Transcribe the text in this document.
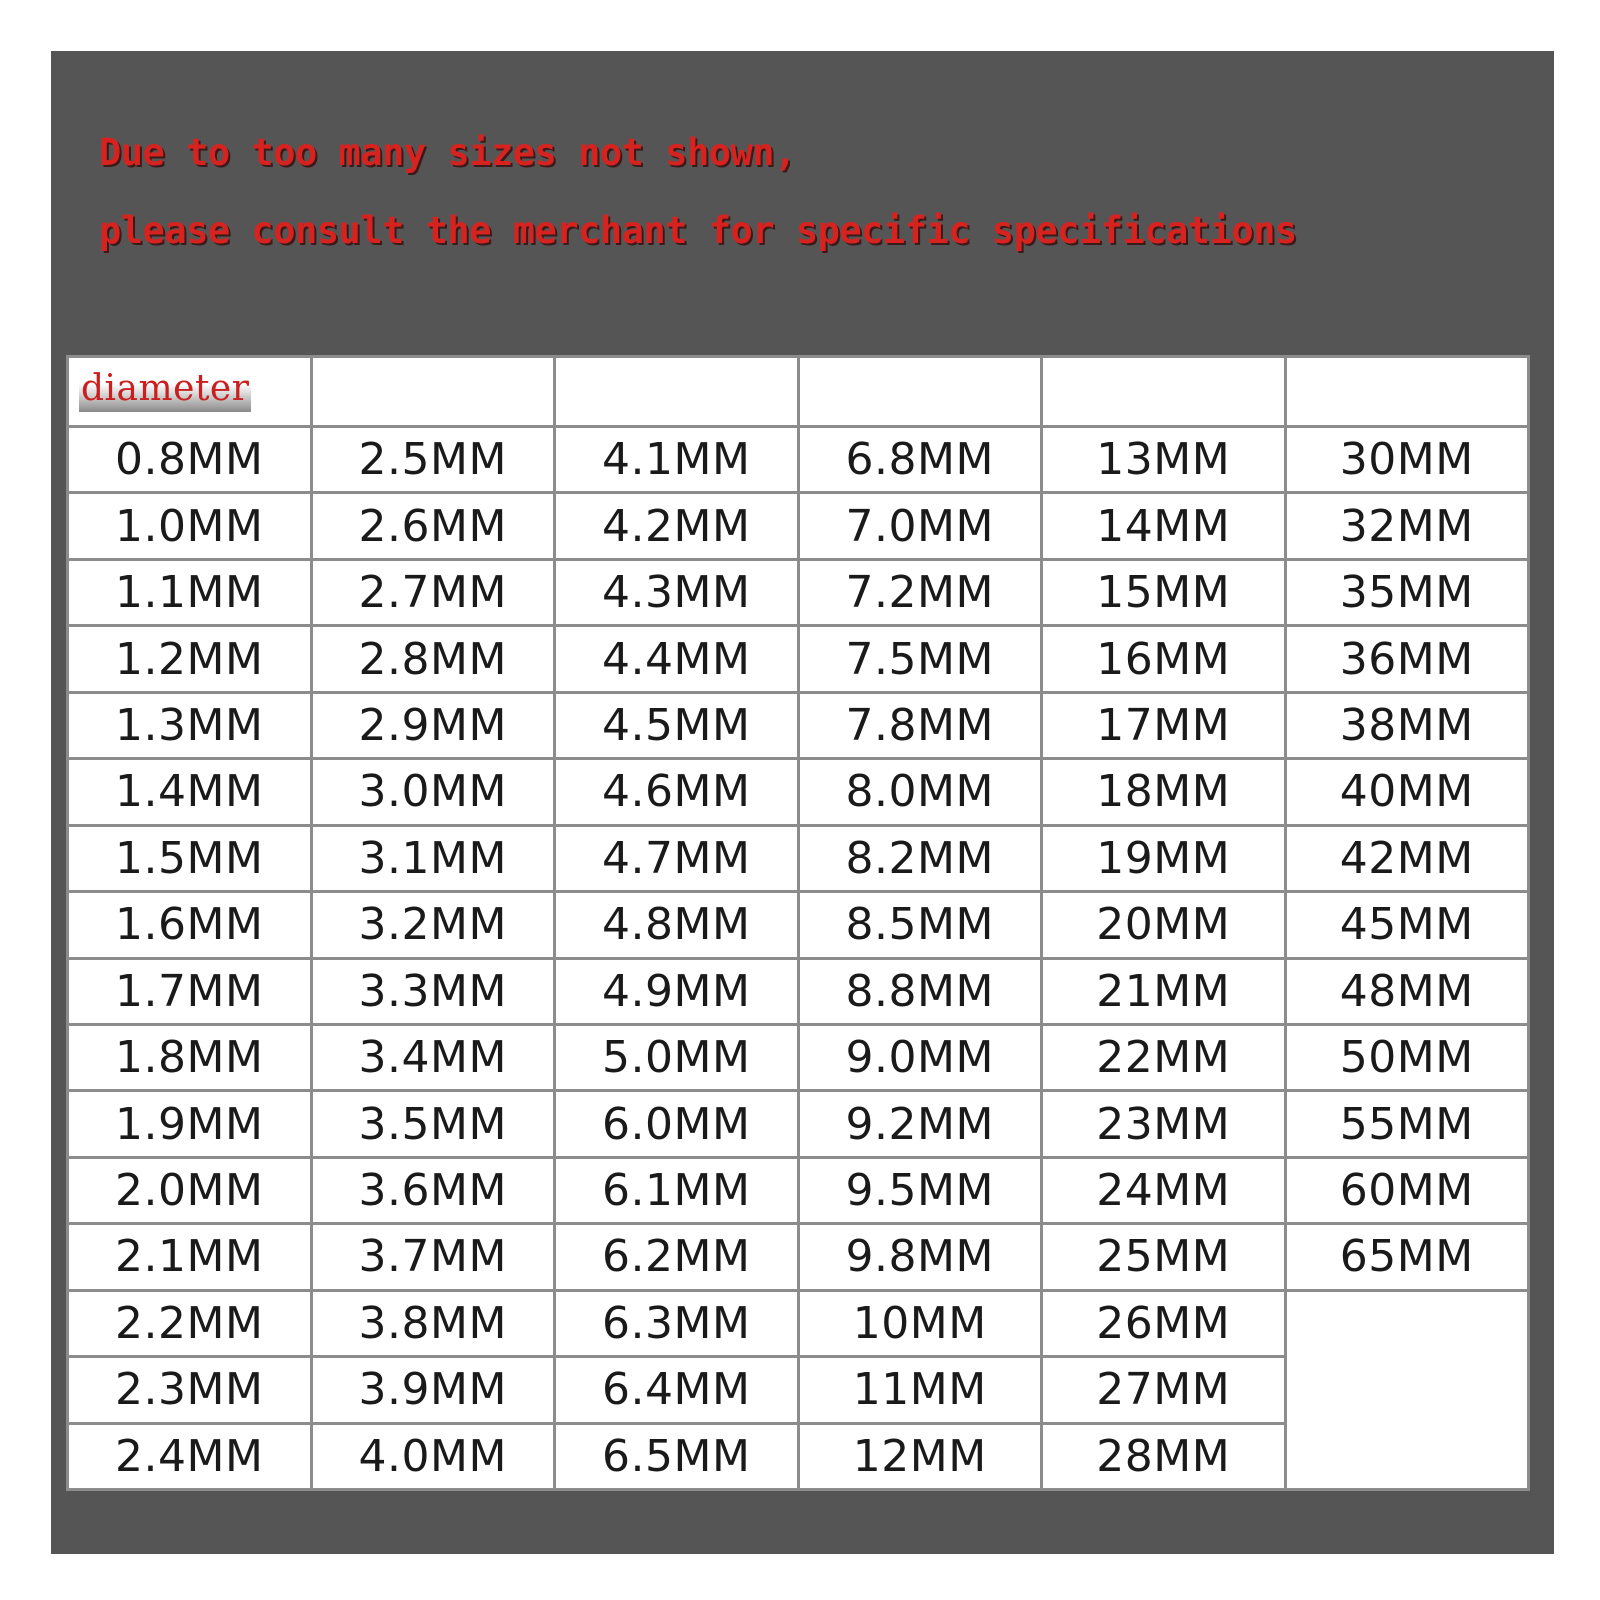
Due to too many sizes not shown,

please consult the merchant for specific specifications

diameter
0.8MM
1.0MM
1.1MM
1.2MM
1.3MM
1.4MM
1.5MM
1.6MM
1.7MM
1.8MM
1.9MM
2.0MM
2.1MM
2.2MM
2.3MM
2.4MM
2.5MM
2.6MM
2.7MM
2.8MM
2.9MM
3.0MM
3.1MM
3.2MM
3.3MM
3.4MM
3.5MM
3.6MM
3.7MM
3.8MM
3.9MM
4.0MM
4.1MM
4.2MM
4.3MM
4.4MM
4.5MM
4.6MM
4.7MM
4.8MM
4.9MM
5.0MM
6.0MM
6.1MM
6.2MM
6.3MM
6.4MM
6.5MM
6.8MM
7.0MM
7.2MM
7.5MM
7.8MM
8.0MM
8.2MM
8.5MM
8.8MM
9.0MM
9.2MM
9.5MM
9.8MM
10MM
11MM
12MM
13MM
14MM
15MM
16MM
17MM
18MM
19MM
20MM
21MM
22MM
23MM
24MM
25MM
26MM
27MM
28MM
30MM
32MM
35MM
36MM
38MM
40MM
42MM
45MM
48MM
50MM
55MM
60MM
65MM
